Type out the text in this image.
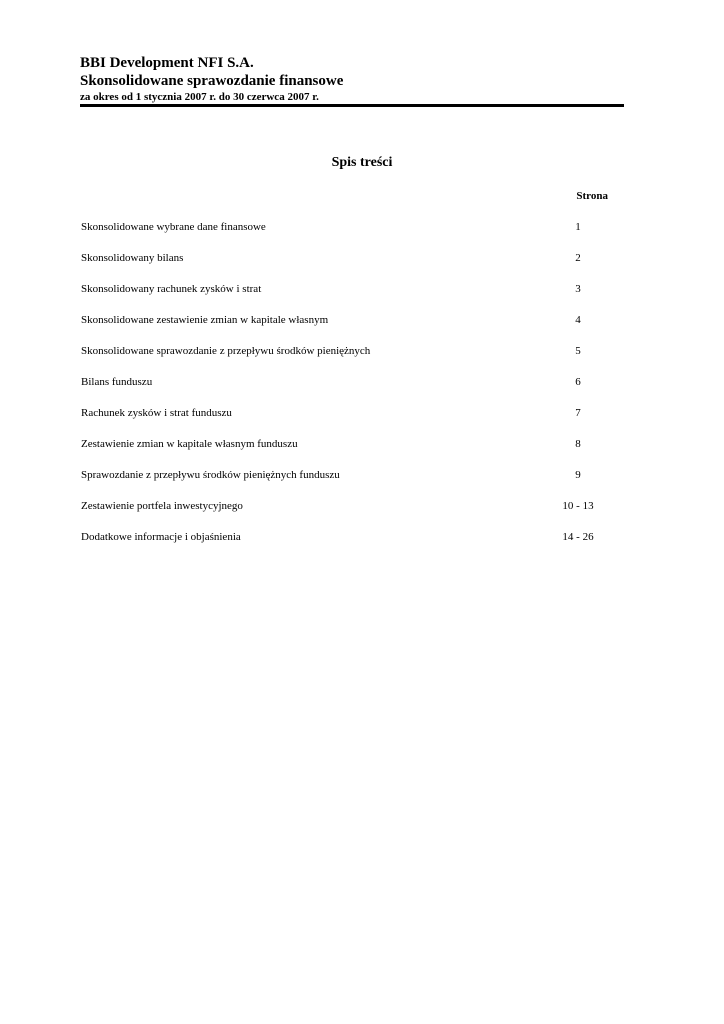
BBI Development NFI S.A.

Skonsolidowane sprawozdanie finansowe

za okres od 1 stycznia 2007 r. do 30 czerwca 2007 r.

Spis treści
Strona
Skonsolidowane wybrane dane finansowe	1
Skonsolidowany bilans	2
Skonsolidowany rachunek zysków i strat	3
Skonsolidowane zestawienie zmian w kapitale własnym	4
Skonsolidowane sprawozdanie z przepływu środków pieniężnych	5
Bilans funduszu	6
Rachunek zysków i strat funduszu	7
Zestawienie zmian w kapitale własnym funduszu	8
Sprawozdanie z przepływu środków pieniężnych funduszu	9
Zestawienie portfela inwestycyjnego	10 - 13
Dodatkowe informacje i objaśnienia	14 - 26
